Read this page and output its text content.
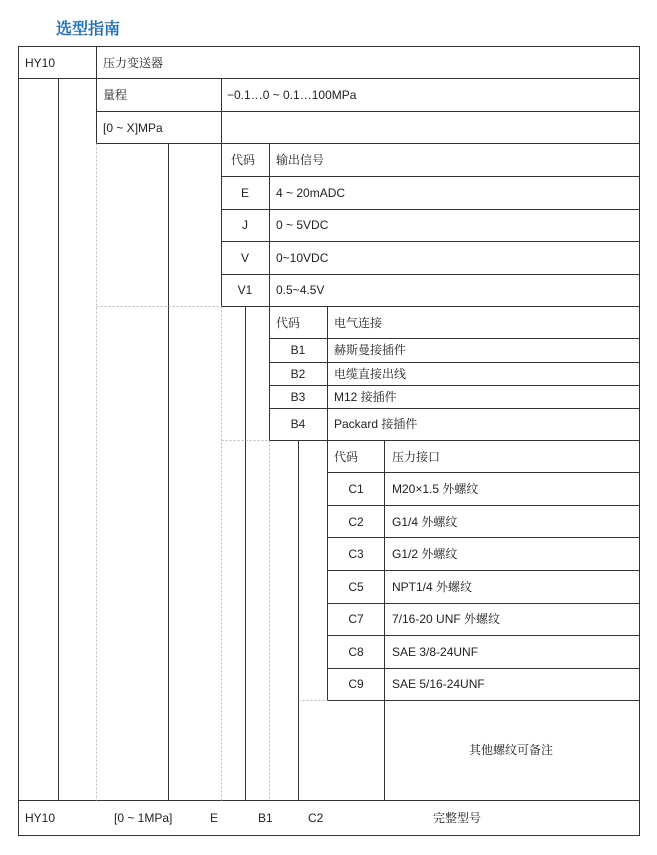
选型指南
HY10	压力变送器
量程	−0.1…0 ~ 0.1…100MPa
[0 ~ X]MPa
代码 输出信号
E 4 ~ 20mADC
J 0 ~ 5VDC
V 0~10VDC
V1 0.5~4.5V
代码	电气连接
B1 赫斯曼接插件
B2 电缆直接出线
B3 M12 接插件
B4 Packard 接插件
代码	压力接口
C1 M20×1.5 外螺纹
C2 G1/4 外螺纹
C3 G1/2 外螺纹
C5 NPT1/4 外螺纹
C7 7/16-20 UNF 外螺纹
C8 SAE 3/8-24UNF
C9 SAE 5/16-24UNF
其他螺纹可备注
HY10	[0 ~ 1MPa]	E	B1	C2	完整型号
